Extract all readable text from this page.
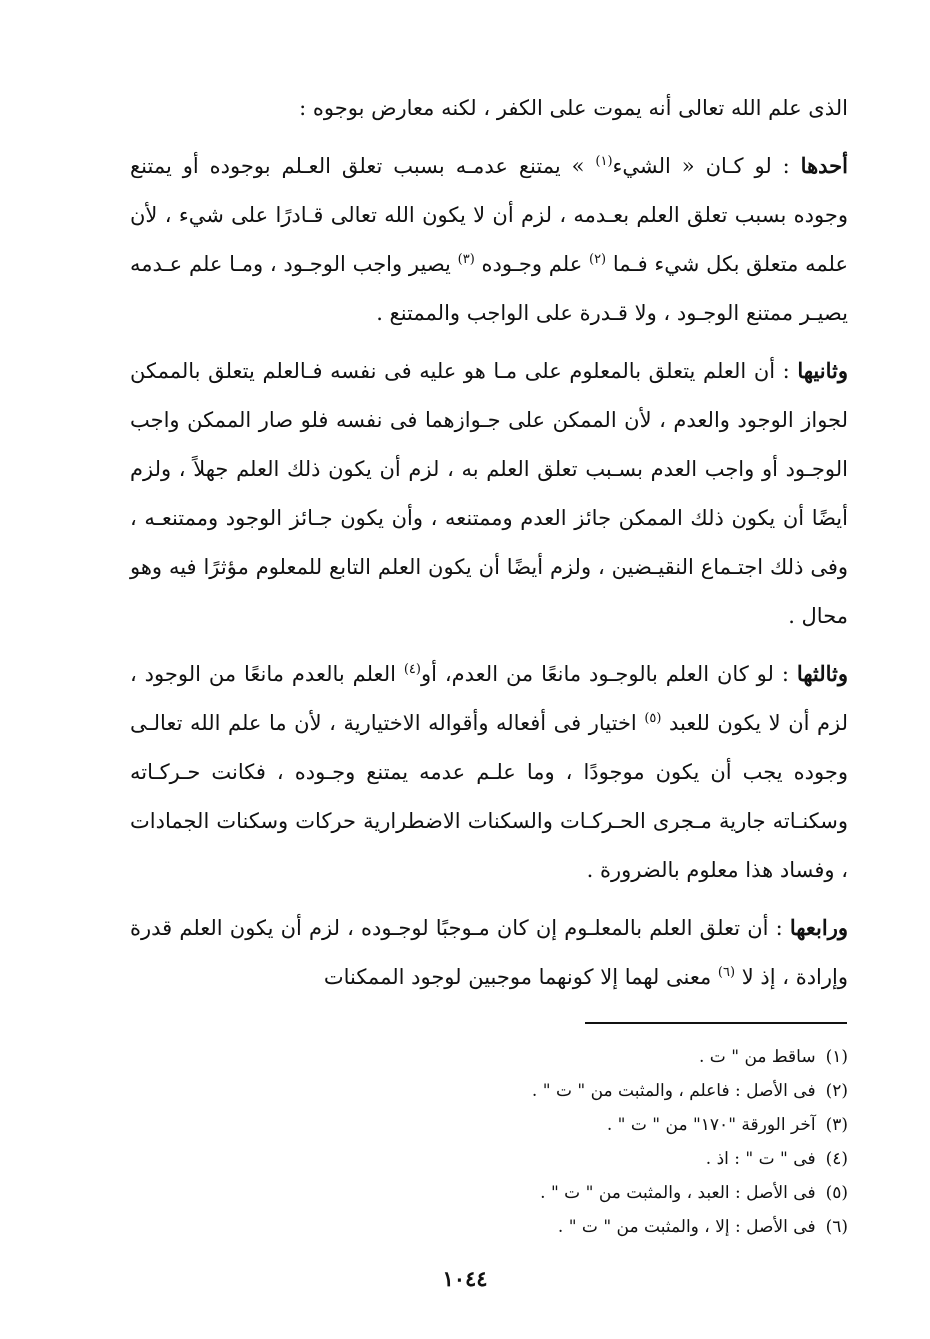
الذى علم الله تعالى أنه يموت على الكفر ، لكنه معارض بوجوه :

أحدها : لو كـان « الشيء$^{(١)}$ » يمتنع عدمـه بسبب تعلق العـلم بوجوده أو يمتنع وجوده بسبب تعلق العلم بعـدمه ، لزم أن لا يكون الله تعالى قـادرًا على شيء ، لأن علمه متعلق بكل شيء فـما $^{(٢)}$ علم وجـوده $^{(٣)}$ يصير واجب الوجـود ، ومـا علم عـدمه يصيـر ممتنع الوجـود ، ولا قـدرة على الواجب والممتنع .

وثانيها : أن العلم يتعلق بالمعلوم على مـا هو عليه فى نفسه فـالعلم يتعلق بالممكن لجواز الوجود والعدم ، لأن الممكن على جـوازهما فى نفسه فلو صار الممكن واجب الوجـود أو واجب العدم بسـبب تعلق العلم به ، لزم أن يكون ذلك العلم جهلاً ، ولزم أيضًا أن يكون ذلك الممكن جائز العدم وممتنعه ، وأن يكون جـائز الوجود وممتنعـه ، وفى ذلك اجتـماع النقيـضين ، ولزم أيضًا أن يكون العلم التابع للمعلوم مؤثرًا فيه وهو محال .

وثالثها : لو كان العلم بالوجـود مانعًا من العدم، أو$^{(٤)}$ العلم بالعدم مانعًا من الوجود ، لزم أن لا يكون للعبد $^{(٥)}$ اختيار فى أفعاله وأقواله الاختيارية ، لأن ما علم الله تعالـى وجوده يجب أن يكون موجودًا ، وما علـم عدمه يمتنع وجـوده ، فكانت حـركـاته وسكنـاته جارية مـجرى الحـركـات والسكنات الاضطرارية حركات وسكنات الجمادات ، وفساد هذا معلوم بالضرورة .

ورابعها : أن تعلق العلم بالمعلـوم إن كان مـوجبًا لوجـوده ، لزم أن يكون العلم قدرة وإرادة ، إذ لا $^{(٦)}$ معنى لهما إلا كونهما موجبين لوجود الممكنات

(١)ساقط من " ت .
(٢)فى الأصل : فاعلم ، والمثبت من " ت " .
(٣)آخر الورقة "١٧٠" من " ت " .
(٤)فى " ت " : اذ .
(٥)فى الأصل : العبد ، والمثبت من " ت " .
(٦)فى الأصل : إلا ، والمثبت من " ت " .
١٠٤٤
